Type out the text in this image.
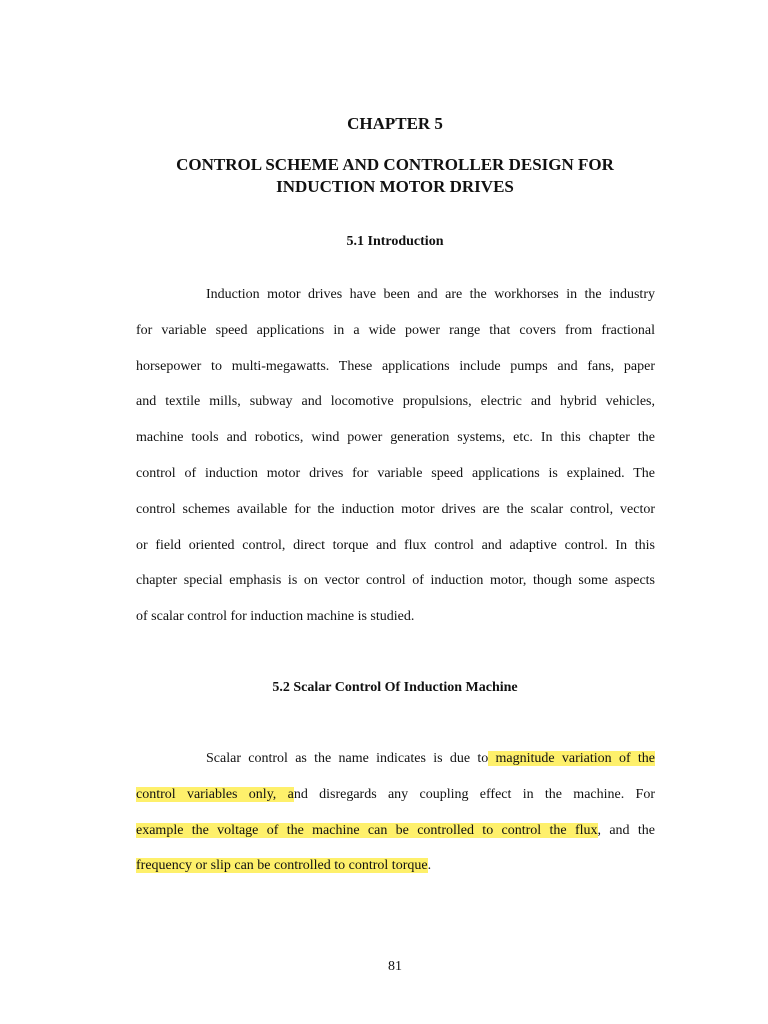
CHAPTER 5
CONTROL SCHEME AND CONTROLLER DESIGN FOR
INDUCTION MOTOR DRIVES
5.1 Introduction
Induction motor drives have been and are the workhorses in the industry
for variable speed applications in a wide power range that covers from fractional
horsepower to multi-megawatts. These applications include pumps and fans, paper
and textile mills, subway and locomotive propulsions, electric and hybrid vehicles,
machine tools and robotics, wind power generation systems, etc. In this chapter the
control of induction motor drives for variable speed applications is explained. The
control schemes available for the induction motor drives are the scalar control, vector
or field oriented control, direct torque and flux control and adaptive control. In this
chapter special emphasis is on vector control of induction motor, though some aspects
of scalar control for induction machine is studied.
5.2 Scalar Control Of Induction Machine
Scalar control as the name indicates is due to magnitude variation of the
control variables only, and disregards any coupling effect in the machine. For
example the voltage of the machine can be controlled to control the flux, and the
frequency or slip can be controlled to control torque.
81
